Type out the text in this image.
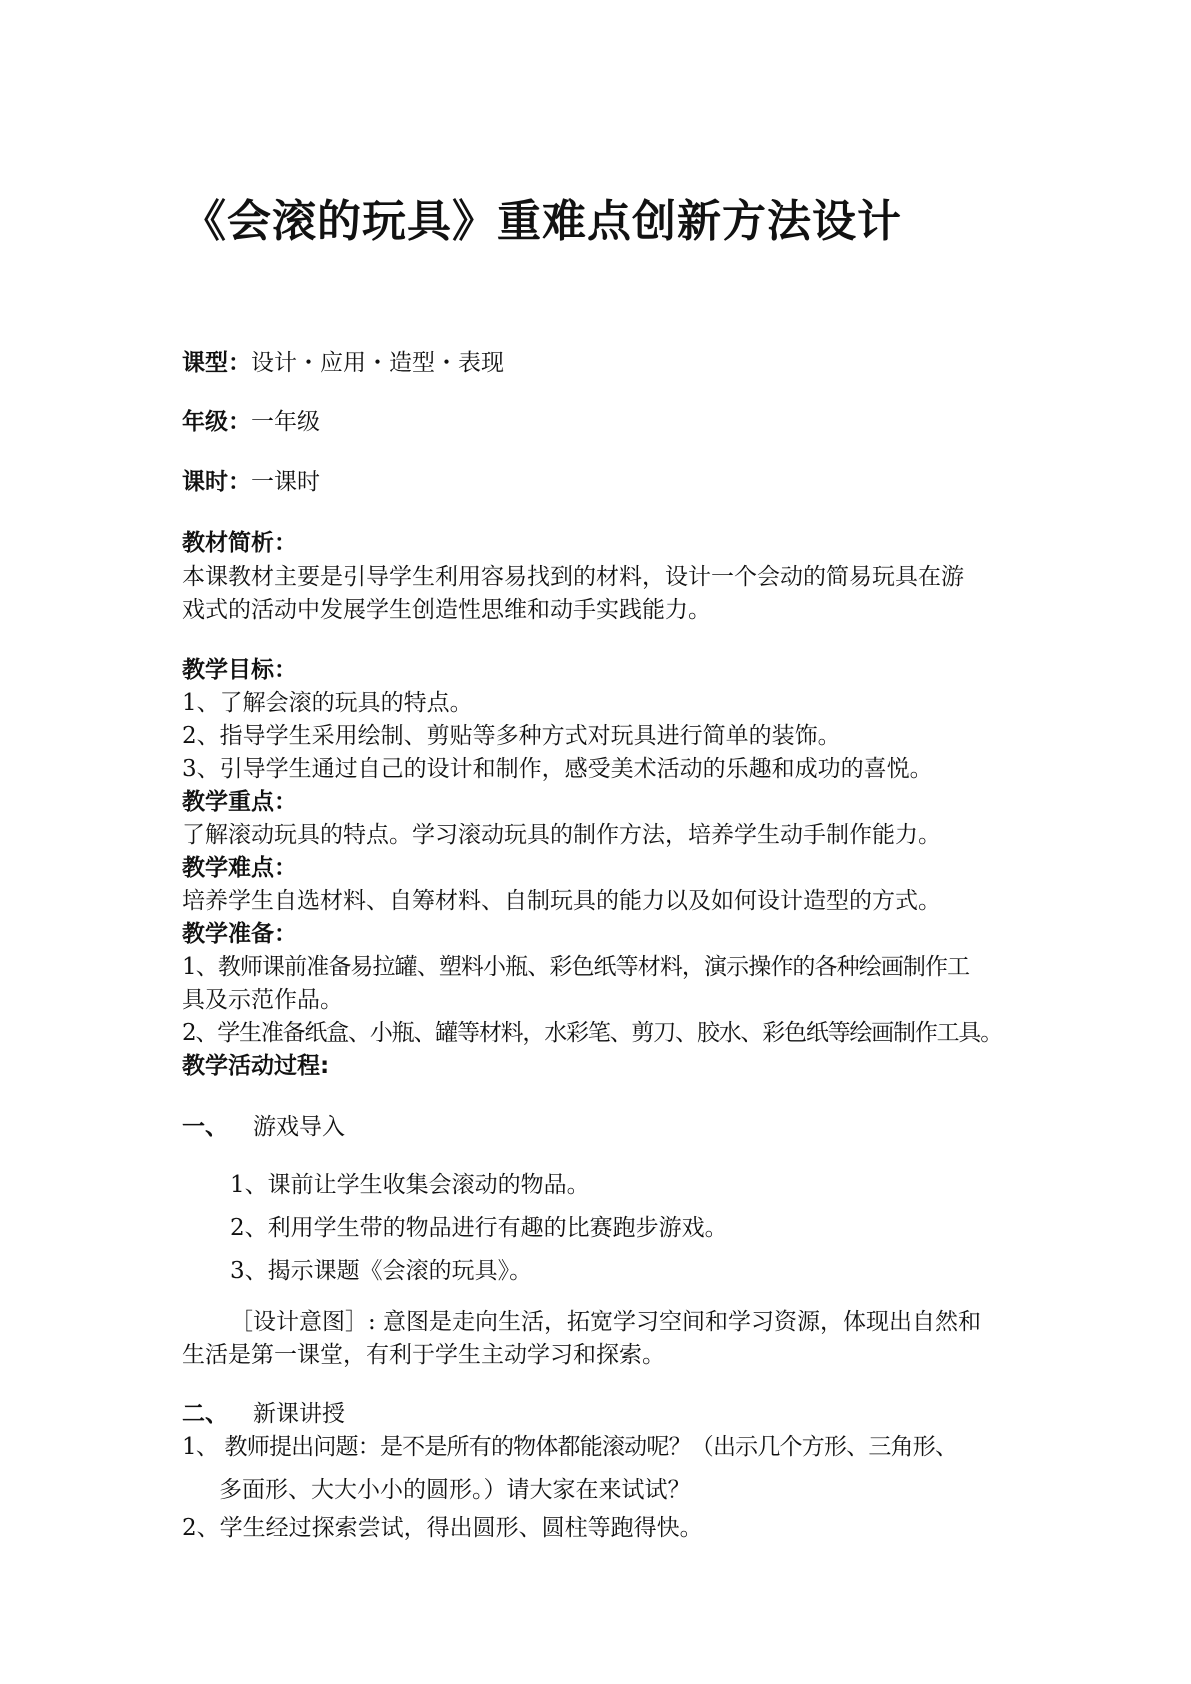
《会滚的玩具》重难点创新方法设计
课型：设计・应用・造型・表现
年级：一年级
课时：一课时
教材简析：
本课教材主要是引导学生利用容易找到的材料，设计一个会动的简易玩具在游
戏式的活动中发展学生创造性思维和动手实践能力。
教学目标：
1、了解会滚的玩具的特点。
2、指导学生采用绘制、剪贴等多种方式对玩具进行简单的装饰。
3、引导学生通过自己的设计和制作，感受美术活动的乐趣和成功的喜悦。
教学重点：
了解滚动玩具的特点。学习滚动玩具的制作方法，培养学生动手制作能力。
教学难点：
培养学生自选材料、自筹材料、自制玩具的能力以及如何设计造型的方式。
教学准备：
1、教师课前准备易拉罐、塑料小瓶、彩色纸等材料，演示操作的各种绘画制作工
具及示范作品。
2、学生准备纸盒、小瓶、罐等材料，水彩笔、剪刀、胶水、彩色纸等绘画制作工具。
教学活动过程:
一、 游戏导入
1、课前让学生收集会滚动的物品。
2、利用学生带的物品进行有趣的比赛跑步游戏。
3、揭示课题《会滚的玩具》。
［设计意图］: 意图是走向生活，拓宽学习空间和学习资源，体现出自然和
生活是第一课堂，有利于学生主动学习和探索。
二、 新课讲授
1、 教师提出问题：是不是所有的物体都能滚动呢？（出示几个方形、三角形、
多面形、大大小小的圆形。）请大家在来试试？
2、学生经过探索尝试，得出圆形、圆柱等跑得快。
